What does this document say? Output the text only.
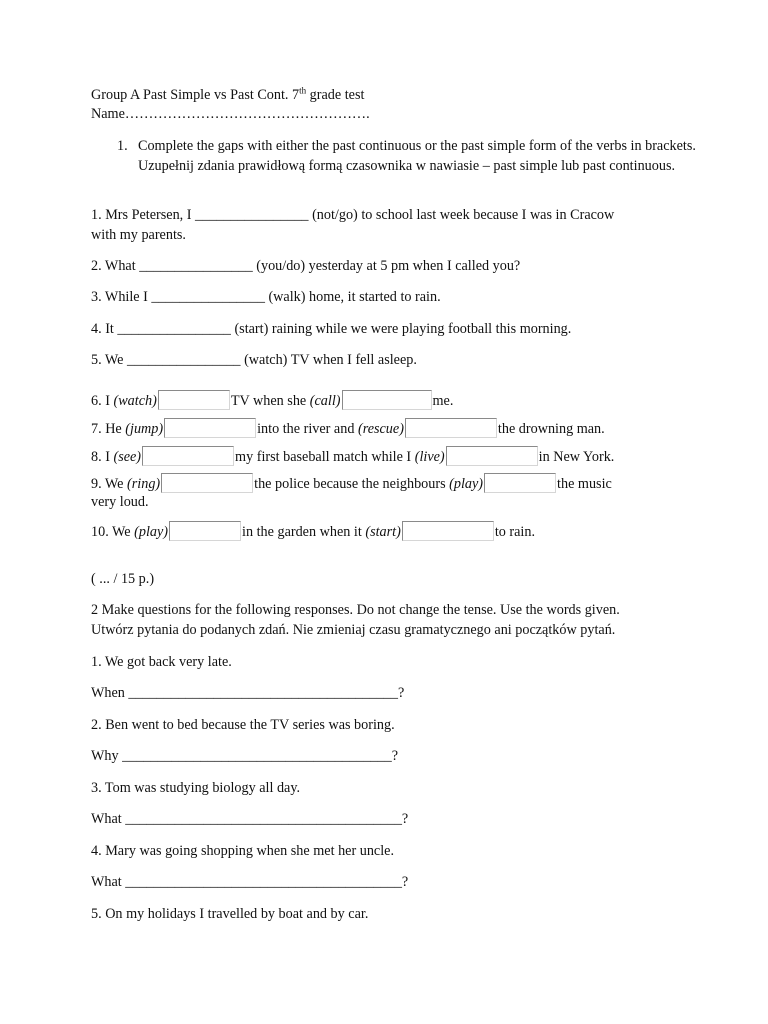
Group A Past Simple vs Past Cont. 7th grade test
Name…………………………………………….
1. Complete the gaps with either the past continuous or the past simple form of the verbs in brackets. Uzupełnij zdania prawidłową formą czasownika w nawiasie – past simple lub past continuous.
1. Mrs Petersen, I ________________ (not/go) to school last week because I was in Cracow
with my parents.
2. What ________________ (you/do) yesterday at 5 pm when I called you?
3. While I ________________ (walk) home, it started to rain.
4. It ________________ (start) raining while we were playing football this morning.
5. We ________________ (watch) TV when I fell asleep.
6. I (watch)	TV when she (call)	me.
7. He (jump)	into the river and (rescue)	the drowning man.
8. I (see)	my first baseball match while I (live)	in New York.
9. We (ring)	the police because the neighbours (play)	the music
very loud.
10. We (play)	in the garden when it (start)	to rain.
( ... / 15 p.)
2 Make questions for the following responses. Do not change the tense. Use the words given.
Utwórz pytania do podanych zdań. Nie zmieniaj czasu gramatycznego ani początków pytań.
1. We got back very late.
When ______________________________________?
2. Ben went to bed because the TV series was boring.
Why ______________________________________?
3. Tom was studying biology all day.
What _______________________________________?
4. Mary was going shopping when she met her uncle.
What _______________________________________?
5. On my holidays I travelled by boat and by car.
